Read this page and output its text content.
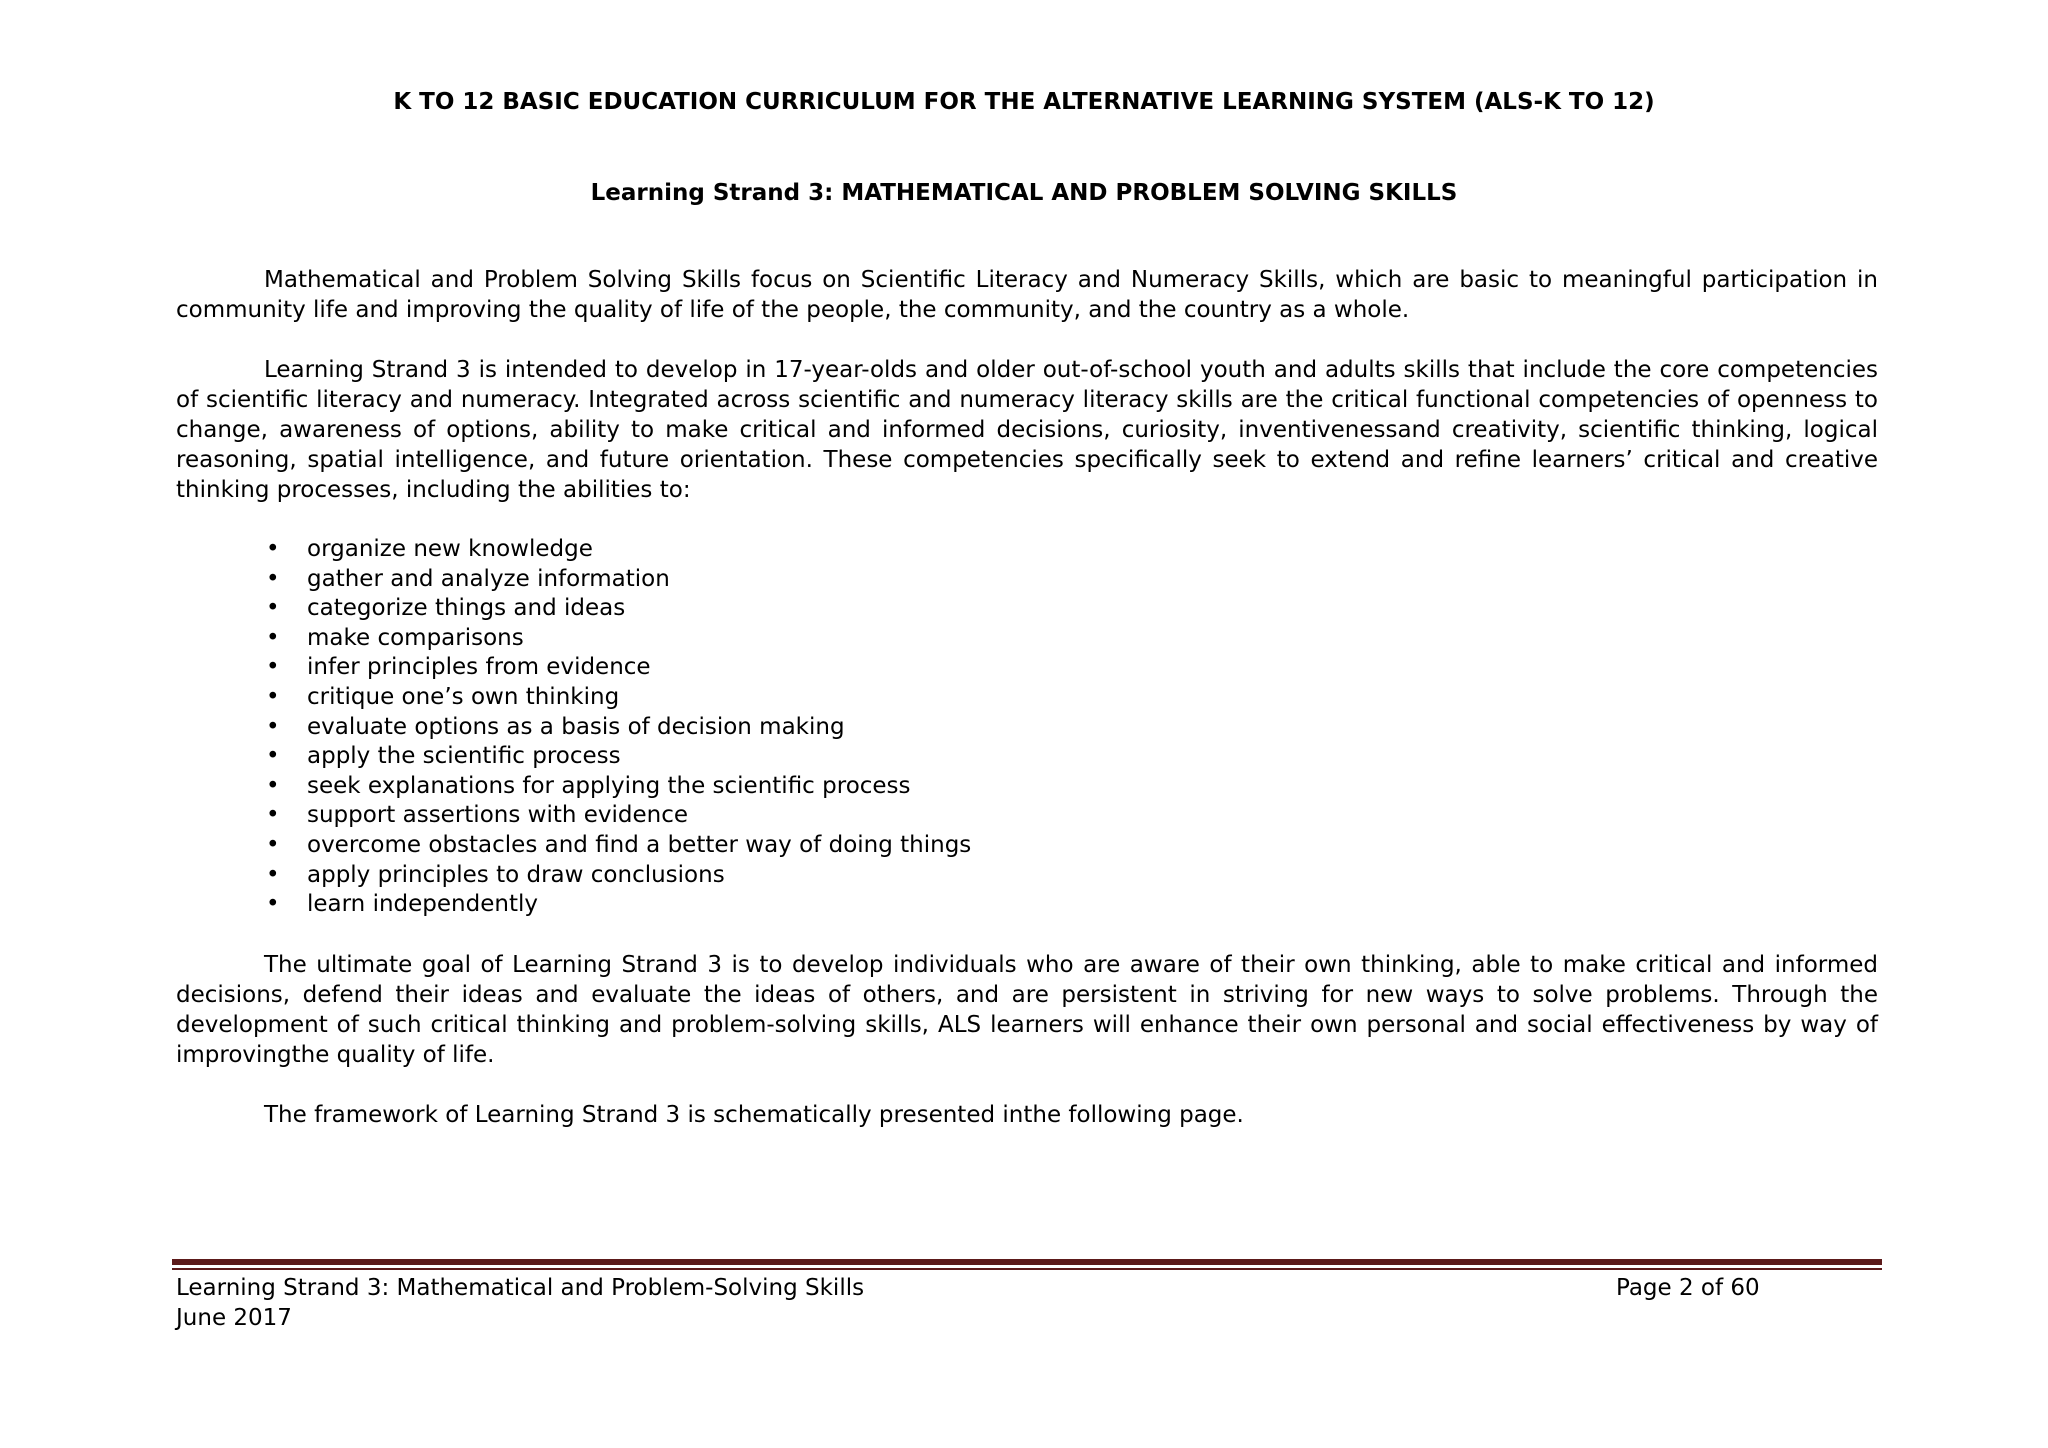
K TO 12 BASIC EDUCATION CURRICULUM FOR THE ALTERNATIVE LEARNING SYSTEM (ALS-K TO 12)
Learning Strand 3: MATHEMATICAL AND PROBLEM SOLVING SKILLS

Mathematical and Problem Solving Skills focus on Scientific Literacy and Numeracy Skills, which are basic to meaningful participation in community life and improving the quality of life of the people, the community, and the country as a whole.

Learning Strand 3 is intended to develop in 17-year-olds and older out-of-school youth and adults skills that include the core competencies of scientific literacy and numeracy. Integrated across scientific and numeracy literacy skills are the critical functional competencies of openness to change, awareness of options, ability to make critical and informed decisions, curiosity, inventivenessand creativity, scientific thinking, logical reasoning, spatial intelligence, and future orientation. These competencies specifically seek to extend and refine learners’ critical and creative thinking processes, including the abilities to:

• organize new knowledge
• gather and analyze information
• categorize things and ideas
• make comparisons
• infer principles from evidence
• critique one’s own thinking
• evaluate options as a basis of decision making
• apply the scientific process
• seek explanations for applying the scientific process
• support assertions with evidence
• overcome obstacles and find a better way of doing things
• apply principles to draw conclusions
• learn independently

The ultimate goal of Learning Strand 3 is to develop individuals who are aware of their own thinking, able to make critical and informed decisions, defend their ideas and evaluate the ideas of others, and are persistent in striving for new ways to solve problems. Through the development of such critical thinking and problem-solving skills, ALS learners will enhance their own personal and social effectiveness by way of improvingthe quality of life.

The framework of Learning Strand 3 is schematically presented inthe following page.

Learning Strand 3: Mathematical and Problem-Solving Skills
June 2017
Page 2 of 60
